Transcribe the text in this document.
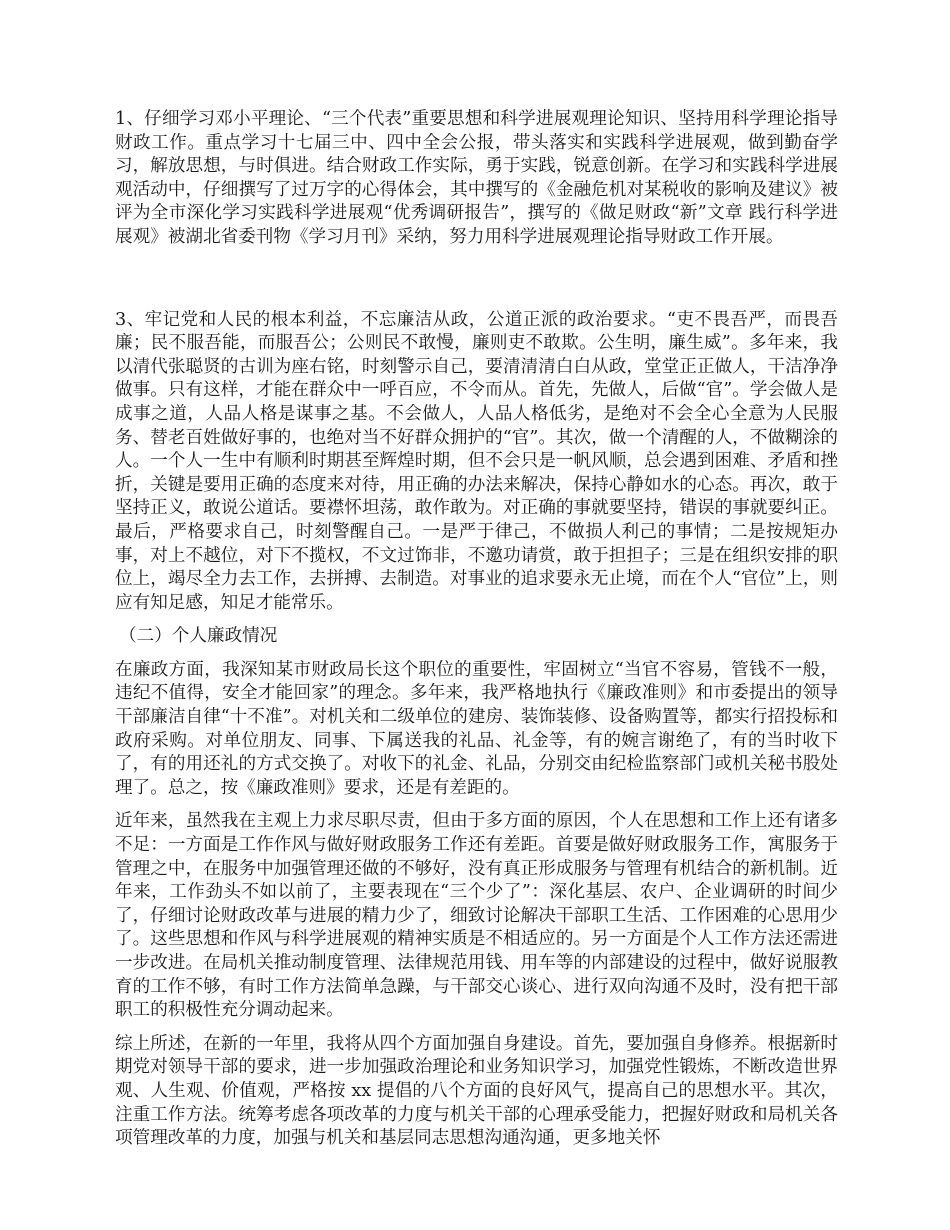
1、仔细学习邓小平理论、“三个代表”重要思想和科学进展观理论知识、坚持用科学理论指导财政工作。重点学习十七届三中、四中全会公报，带头落实和实践科学进展观，做到勤奋学习，解放思想，与时俱进。结合财政工作实际，勇于实践，锐意创新。在学习和实践科学进展观活动中，仔细撰写了过万字的心得体会，其中撰写的《金融危机对某税收的影响及建议》被评为全市深化学习实践科学进展观“优秀调研报告”，撰写的《做足财政“新”文章 践行科学进展观》被湖北省委刊物《学习月刊》采纳，努力用科学进展观理论指导财政工作开展。

3、牢记党和人民的根本利益，不忘廉洁从政，公道正派的政治要求。“吏不畏吾严，而畏吾廉；民不服吾能，而服吾公；公则民不敢慢，廉则吏不敢欺。公生明，廉生威”。多年来，我以清代张聪贤的古训为座右铭，时刻警示自己，要清清清白白从政，堂堂正正做人，干洁净净做事。只有这样，才能在群众中一呼百应，不令而从。首先，先做人，后做“官”。学会做人是成事之道，人品人格是谋事之基。不会做人，人品人格低劣，是绝对不会全心全意为人民服务、替老百姓做好事的，也绝对当不好群众拥护的“官”。其次，做一个清醒的人，不做糊涂的人。一个人一生中有顺利时期甚至辉煌时期，但不会只是一帆风顺，总会遇到困难、矛盾和挫折，关键是要用正确的态度来对待，用正确的办法来解决，保持心静如水的心态。再次，敢于坚持正义，敢说公道话。要襟怀坦荡，敢作敢为。对正确的事就要坚持，错误的事就要纠正。最后，严格要求自己，时刻警醒自己。一是严于律己，不做损人利己的事情；二是按规矩办事，对上不越位，对下不揽权，不文过饰非，不邀功请赏，敢于担担子；三是在组织安排的职位上，竭尽全力去工作，去拼搏、去制造。对事业的追求要永无止境，而在个人“官位”上，则应有知足感，知足才能常乐。

（二）个人廉政情况

在廉政方面，我深知某市财政局长这个职位的重要性，牢固树立“当官不容易，管钱不一般，违纪不值得，安全才能回家”的理念。多年来，我严格地执行《廉政准则》和市委提出的领导干部廉洁自律“十不准”。对机关和二级单位的建房、装饰装修、设备购置等，都实行招投标和政府采购。对单位朋友、同事、下属送我的礼品、礼金等，有的婉言谢绝了，有的当时收下了，有的用还礼的方式交换了。对收下的礼金、礼品，分别交由纪检监察部门或机关秘书股处理了。总之，按《廉政准则》要求，还是有差距的。

近年来，虽然我在主观上力求尽职尽责，但由于多方面的原因，个人在思想和工作上还有诸多不足：一方面是工作作风与做好财政服务工作还有差距。首要是做好财政服务工作，寓服务于管理之中，在服务中加强管理还做的不够好，没有真正形成服务与管理有机结合的新机制。近年来，工作劲头不如以前了，主要表现在“三个少了”：深化基层、农户、企业调研的时间少了，仔细讨论财政改革与进展的精力少了，细致讨论解决干部职工生活、工作困难的心思用少了。这些思想和作风与科学进展观的精神实质是不相适应的。另一方面是个人工作方法还需进一步改进。在局机关推动制度管理、法律规范用钱、用车等的内部建设的过程中，做好说服教育的工作不够，有时工作方法简单急躁，与干部交心谈心、进行双向沟通不及时，没有把干部职工的积极性充分调动起来。

综上所述，在新的一年里，我将从四个方面加强自身建设。首先，要加强自身修养。根据新时期党对领导干部的要求，进一步加强政治理论和业务知识学习，加强党性锻炼，不断改造世界观、人生观、价值观，严格按 xx 提倡的八个方面的良好风气，提高自己的思想水平。其次，注重工作方法。统筹考虑各项改革的力度与机关干部的心理承受能力，把握好财政和局机关各项管理改革的力度，加强与机关和基层同志思想沟通沟通，更多地关怀
